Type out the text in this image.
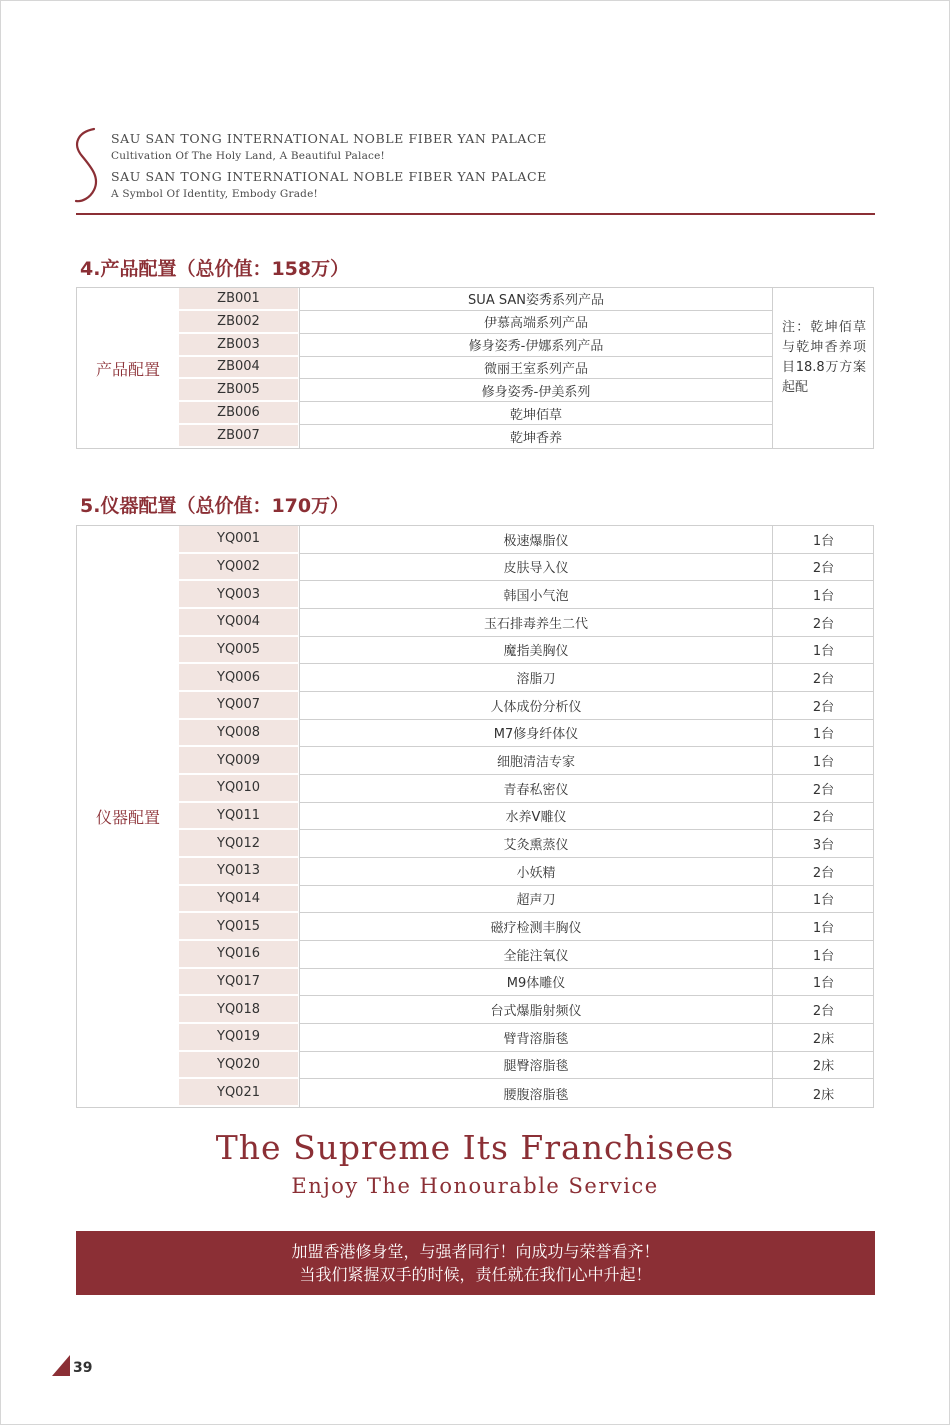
SAU SAN TONG INTERNATIONAL NOBLE FIBER YAN PALACE
Cultivation Of The Holy Land, A Beautiful Palace!
SAU SAN TONG INTERNATIONAL NOBLE FIBER YAN PALACE
A Symbol Of Identity, Embody Grade!
4.产品配置（总价值：158万）
产品配置
ZB001	SUA SAN姿秀系列产品
ZB002	伊慕高端系列产品
ZB003	修身姿秀-伊娜系列产品
ZB004	微丽王室系列产品
ZB005	修身姿秀-伊美系列
ZB006	乾坤佰草
ZB007	乾坤香养
注：乾坤佰草与乾坤香养项目18.8万方案起配
5.仪器配置（总价值：170万）
仪器配置
YQ001	极速爆脂仪	1台
YQ002	皮肤导入仪	2台
YQ003	韩国小气泡	1台
YQ004	玉石排毒养生二代	2台
YQ005	魔指美胸仪	1台
YQ006	溶脂刀	2台
YQ007	人体成份分析仪	2台
YQ008	M7修身纤体仪	1台
YQ009	细胞清洁专家	1台
YQ010	青春私密仪	2台
YQ011	水养V雕仪	2台
YQ012	艾灸熏蒸仪	3台
YQ013	小妖精	2台
YQ014	超声刀	1台
YQ015	磁疗检测丰胸仪	1台
YQ016	全能注氧仪	1台
YQ017	M9体雕仪	1台
YQ018	台式爆脂射频仪	2台
YQ019	臂背溶脂毯	2床
YQ020	腿臀溶脂毯	2床
YQ021	腰腹溶脂毯	2床
The Supreme Its Franchisees
Enjoy The Honourable Service
加盟香港修身堂，与强者同行！向成功与荣誉看齐！
当我们紧握双手的时候，责任就在我们心中升起！
39
